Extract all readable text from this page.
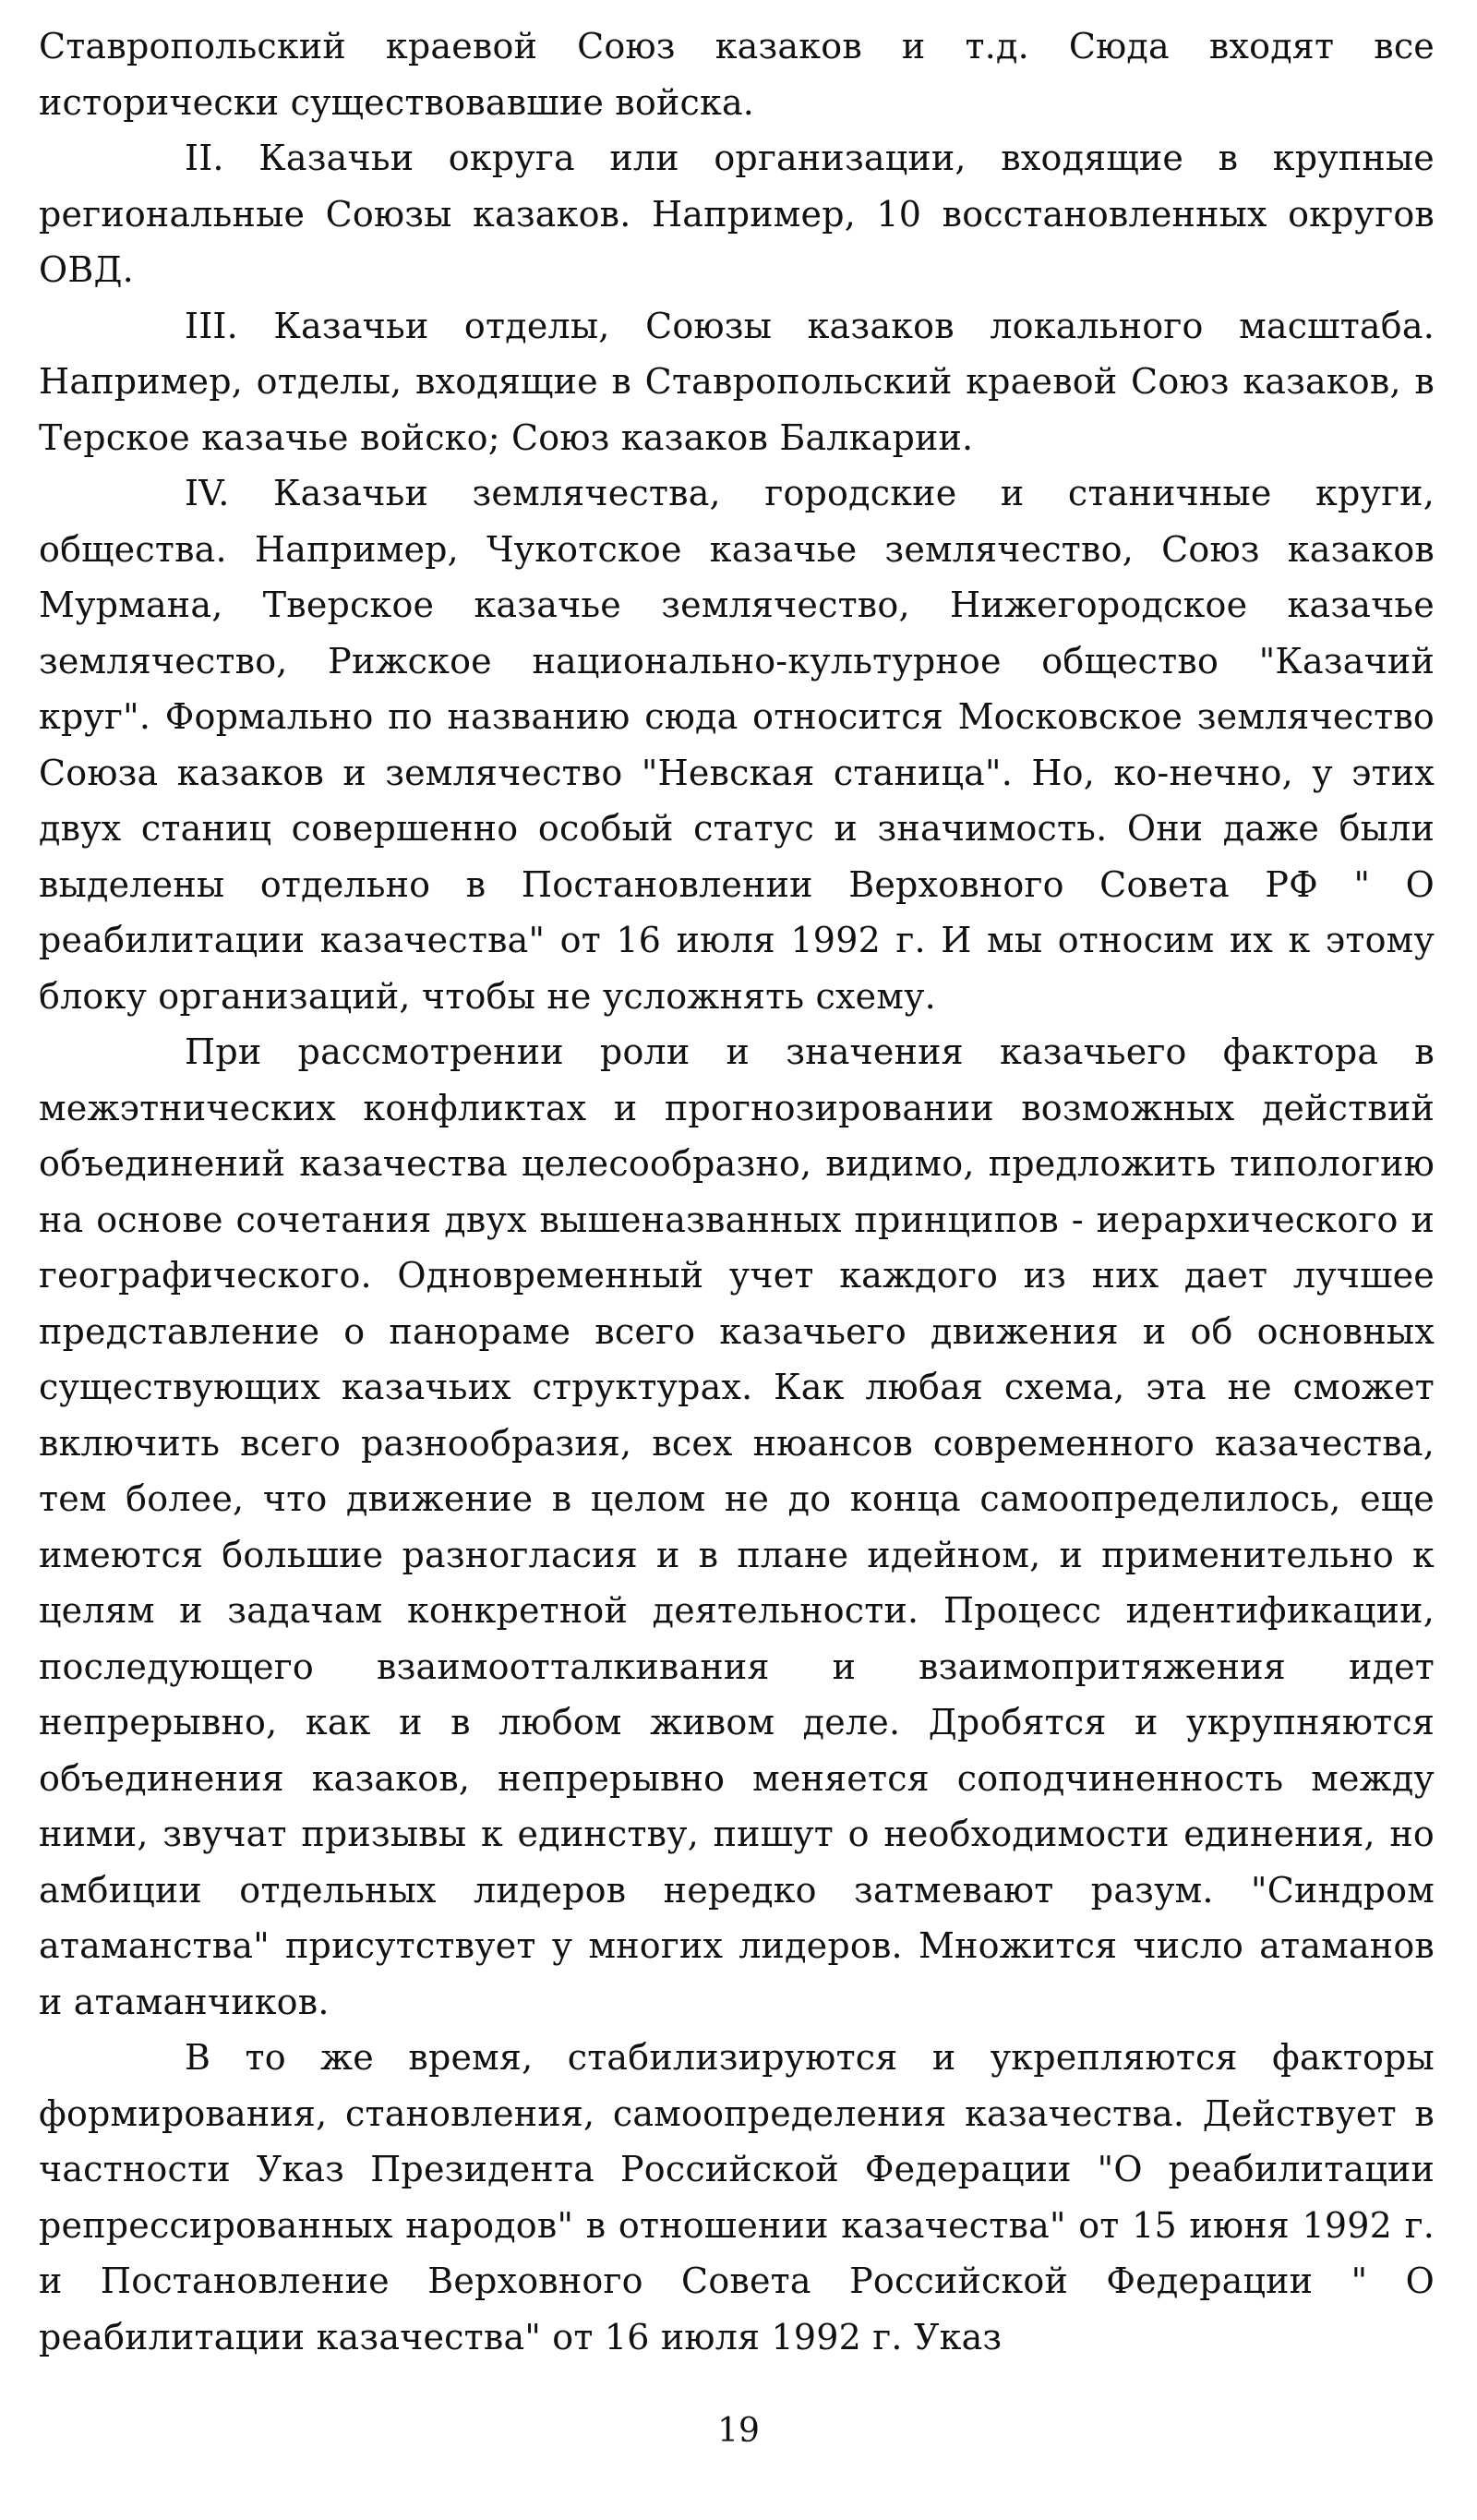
Ставропольский краевой Союз казаков и т.д. Сюда входят все исторически существовавшие войска.

II. Казачьи округа или организации, входящие в крупные региональные Союзы казаков. Например, 10 восстановленных округов ОВД.

III. Казачьи отделы, Союзы казаков локального масштаба. Например, отделы, входящие в Ставропольский краевой Союз казаков, в Терское казачье войско; Союз казаков Балкарии.

IV. Казачьи землячества, городские и станичные круги, общества. Например, Чукотское казачье землячество, Союз казаков Мурмана, Тверское казачье землячество, Нижегородское казачье землячество, Рижское национально-культурное общество "Казачий круг". Формально по названию сюда относится Московское землячество Союза казаков и землячество "Невская станица". Но, ко-нечно, у этих двух станиц совершенно особый статус и значимость. Они даже были выделены отдельно в Постановлении Верховного Совета РФ " О реабилитации казачества" от 16 июля 1992 г. И мы относим их к этому блоку организаций, чтобы не усложнять схему.

При рассмотрении роли и значения казачьего фактора в межэтнических конфликтах и прогнозировании возможных действий объединений казачества целесообразно, видимо, предложить типологию на основе сочетания двух вышеназванных принципов - иерархического и географического. Одновременный учет каждого из них дает лучшее представление о панораме всего казачьего движения и об основных существующих казачьих структурах. Как любая схема, эта не сможет включить всего разнообразия, всех нюансов современного казачества, тем более, что движение в целом не до конца самоопределилось, еще имеются большие разногласия и в плане идейном, и применительно к целям и задачам конкретной деятельности. Процесс идентификации, последующего взаимоотталкивания и взаимопритяжения идет непрерывно, как и в любом живом деле. Дробятся и укрупняются объединения казаков, непрерывно меняется соподчиненность между ними, звучат призывы к единству, пишут о необходимости единения, но амбиции отдельных лидеров нередко затмевают разум. "Синдром атаманства" присутствует у многих лидеров. Множится число атаманов и атаманчиков.

В то же время, стабилизируются и укрепляются факторы формирования, становления, самоопределения казачества. Действует в частности Указ Президента Российской Федерации "О реабилитации репрессированных народов" в отношении казачества" от 15 июня 1992 г. и Постановление Верховного Совета Российской Федерации " О реабилитации казачества" от 16 июля 1992 г. Указ

19
